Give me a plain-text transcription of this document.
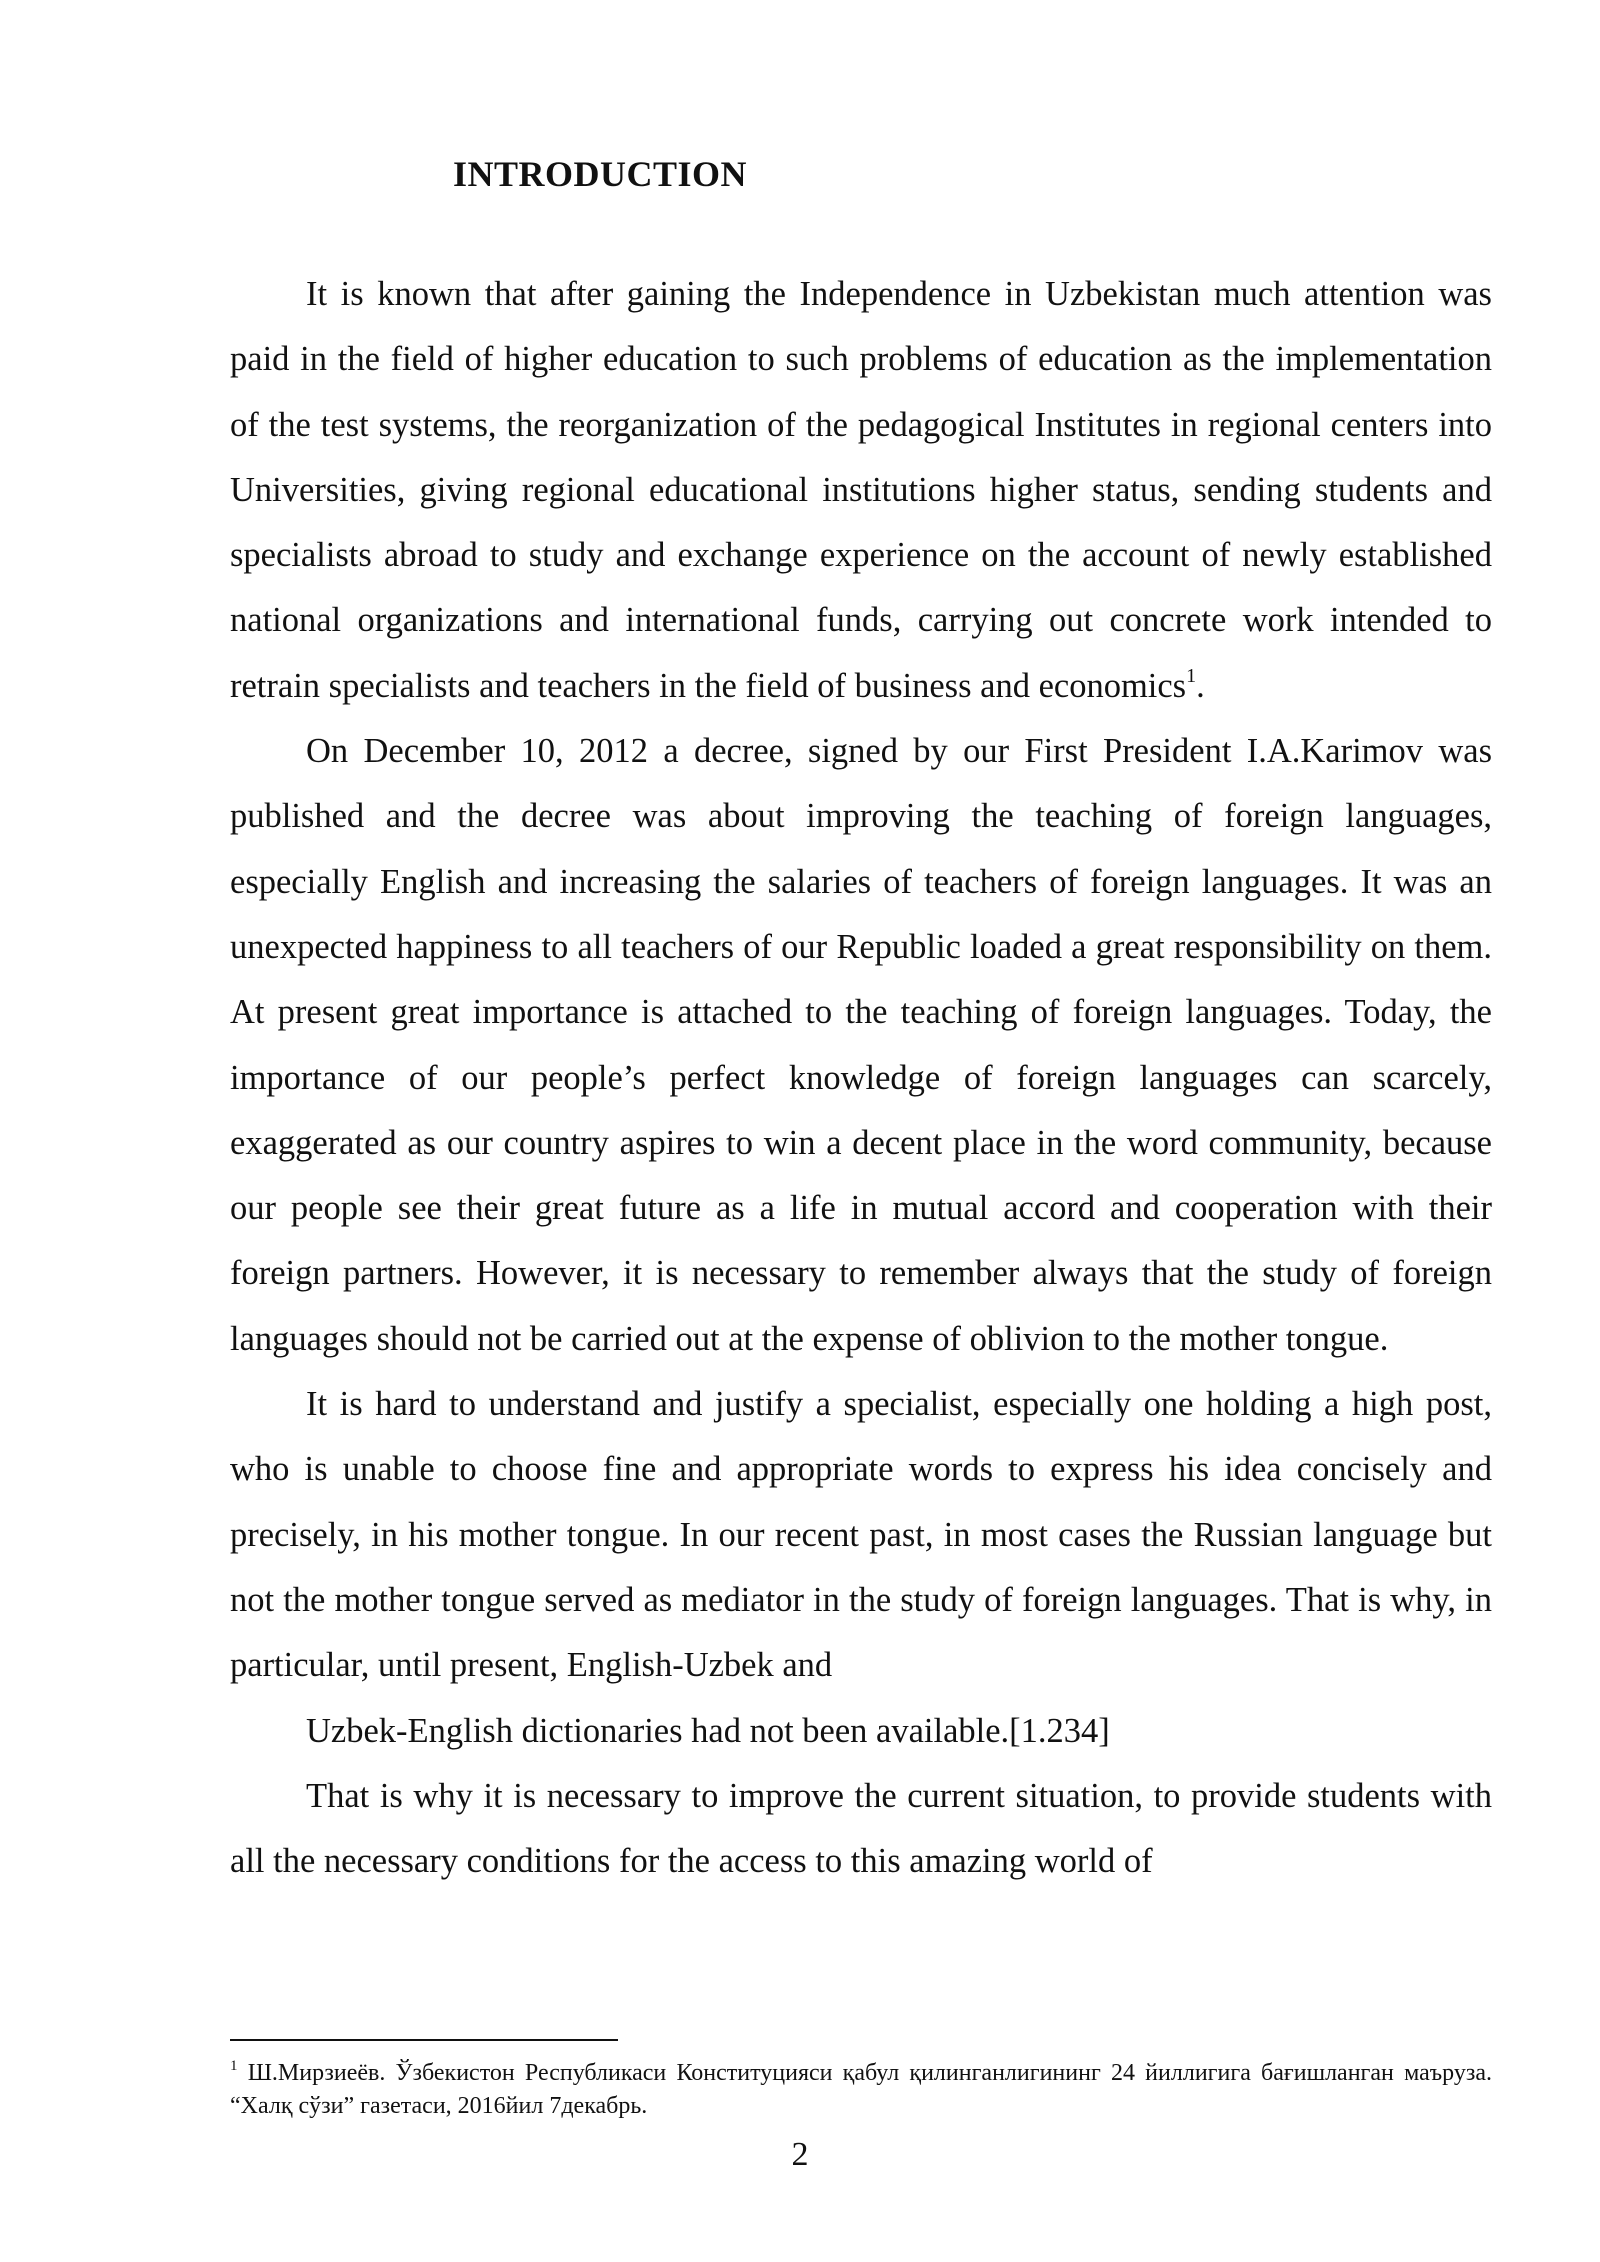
INTRODUCTION

It is known that after gaining the Independence in Uzbekistan much attention was paid in the field of higher education to such problems of education as the implementation of the test systems, the reorganization of the pedagogical Institutes in regional centers into Universities, giving regional educational institutions higher status, sending students and specialists abroad to study and exchange experience on the account of newly established national organizations and international funds, carrying out concrete work intended to retrain specialists and teachers in the field of business and economics$^1$.

On December 10, 2012 a decree, signed by our First President I.A.Karimov was published and the decree was about improving the teaching of foreign languages, especially English and increasing the salaries of teachers of foreign languages. It was an unexpected happiness to all teachers of our Republic loaded a great responsibility on them. At present great importance is attached to the teaching of foreign languages. Today, the importance of our people’s perfect knowledge of foreign languages can scarcely, exaggerated as our country aspires to win a decent place in the word community, because our people see their great future as a life in mutual accord and cooperation with their foreign partners. However, it is necessary to remember always that the study of foreign languages should not be carried out at the expense of oblivion to the mother tongue.

It is hard to understand and justify a specialist, especially one holding a high post, who is unable to choose fine and appropriate words to express his idea concisely and precisely, in his mother tongue. In our recent past, in most cases the Russian language but not the mother tongue served as mediator in the study of foreign languages. That is why, in particular, until present, English-Uzbek and

Uzbek-English dictionaries had not been available.[1.234]

That is why it is necessary to improve the current situation, to provide students with all the necessary conditions for the access to this amazing world of

$^1$ Ш.Мирзиеёв. Ўзбекистон Республикаси Конституцияси қабул қилинганлигининг 24 йиллигига бағишланган маъруза. “Халқ сўзи” газетаси, 2016йил 7декабрь.
2
